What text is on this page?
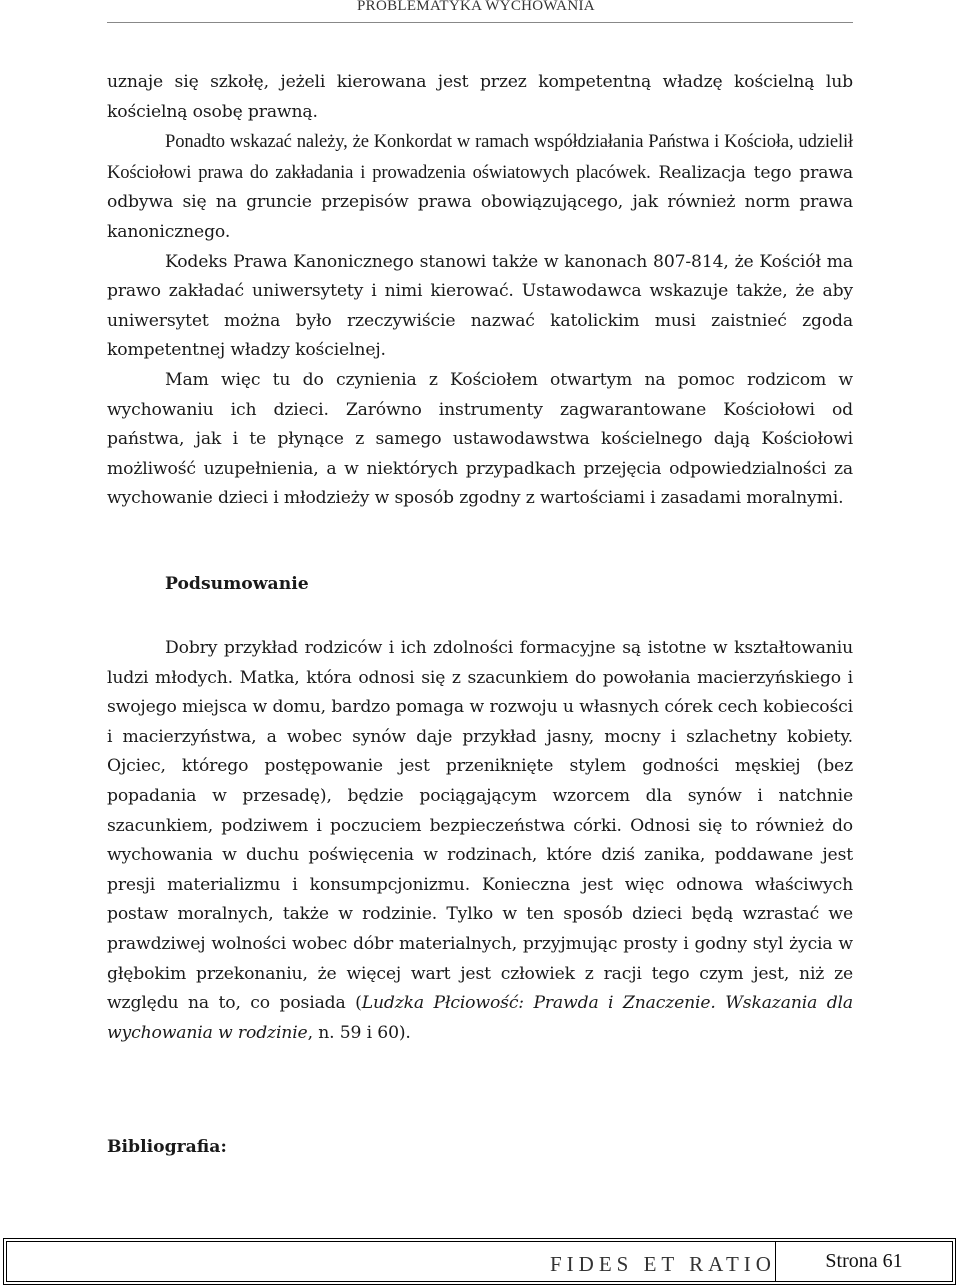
PROBLEMATYKA WYCHOWANIA

uznaje się szkołę, jeżeli kierowana jest przez kompetentną władzę kościelną lub kościelną osobę prawną.

Ponadto wskazać należy, że Konkordat w ramach współdziałania Państwa i Kościoła, udzielił Kościołowi prawa do zakładania i prowadzenia oświatowych placówek. Realizacja tego prawa odbywa się na gruncie przepisów prawa obowiązującego, jak również norm prawa kanonicznego.

Kodeks Prawa Kanonicznego stanowi także w kanonach 807-814, że Kościół ma prawo zakładać uniwersytety i nimi kierować. Ustawodawca wskazuje także, że aby uniwersytet można było rzeczywiście nazwać katolickim musi zaistnieć zgoda kompetentnej władzy kościelnej.

Mam więc tu do czynienia z Kościołem otwartym na pomoc rodzicom w wychowaniu ich dzieci. Zarówno instrumenty zagwarantowane Kościołowi od państwa, jak i te płynące z samego ustawodawstwa kościelnego dają Kościołowi możliwość uzupełnienia, a w niektórych przypadkach przejęcia odpowiedzialności za wychowanie dzieci i młodzieży w sposób zgodny z wartościami i zasadami moralnymi.

Podsumowanie

Dobry przykład rodziców i ich zdolności formacyjne są istotne w kształtowaniu ludzi młodych. Matka, która odnosi się z szacunkiem do powołania macierzyńskiego i swojego miejsca w domu, bardzo pomaga w rozwoju u własnych córek cech kobiecości i macierzyństwa, a wobec synów daje przykład jasny, mocny i szlachetny kobiety. Ojciec, którego postępowanie jest przeniknięte stylem godności męskiej (bez popadania w przesadę), będzie pociągającym wzorcem dla synów i natchnie szacunkiem, podziwem i poczuciem bezpieczeństwa córki. Odnosi się to również do wychowania w duchu poświęcenia w rodzinach, które dziś zanika, poddawane jest presji materializmu i konsumpcjonizmu. Konieczna jest więc odnowa właściwych postaw moralnych, także w rodzinie. Tylko w ten sposób dzieci będą wzrastać we prawdziwej wolności wobec dóbr materialnych, przyjmując prosty i godny styl życia w głębokim przekonaniu, że więcej wart jest człowiek z racji tego czym jest, niż ze względu na to, co posiada (Ludzka Płciowość: Prawda i Znaczenie. Wskazania dla wychowania w rodzinie, n. 59 i 60).

Bibliografia:
FIDES ET RATIO	Strona 61
